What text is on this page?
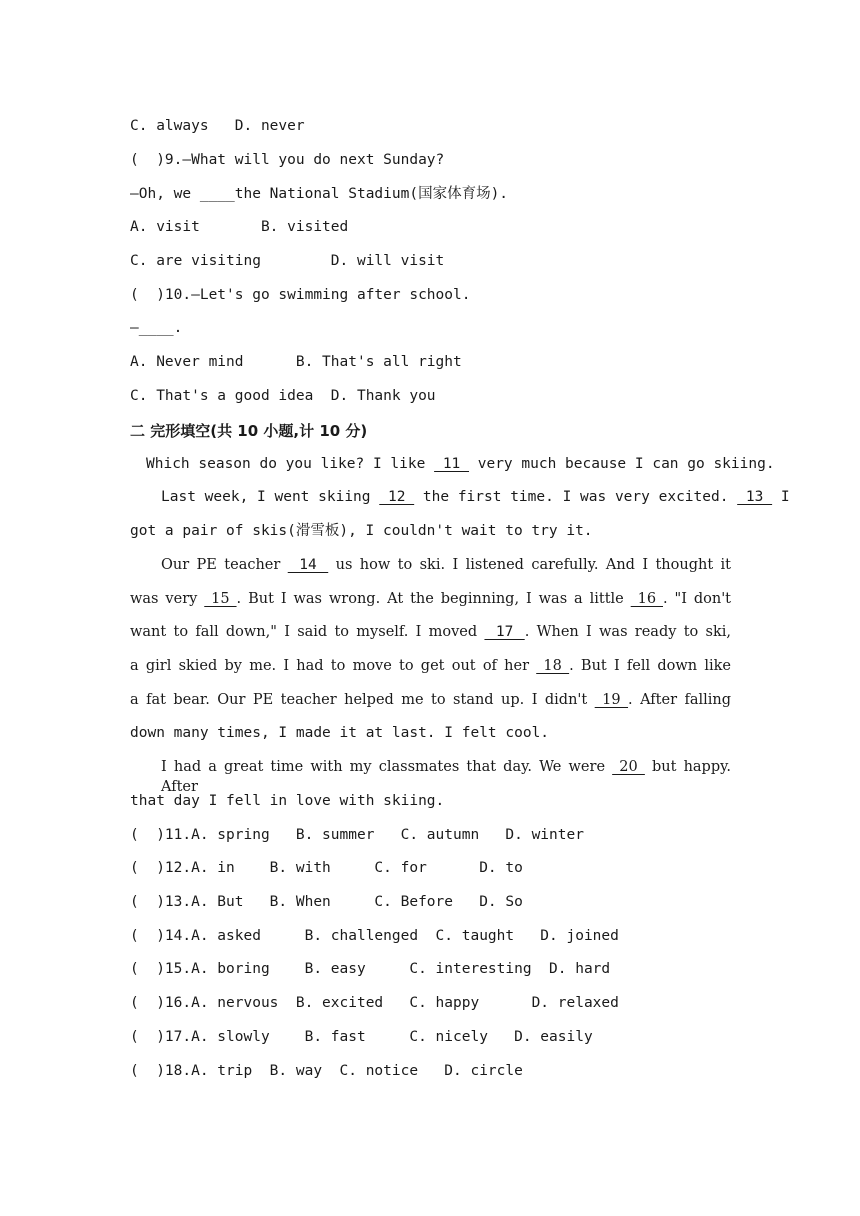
C. always   D. never
(  )9.—What will you do next Sunday?
—Oh, we ____the National Stadium(国家体育场).
A. visit       B. visited
C. are visiting        D. will visit
(  )10.—Let's go swimming after school.
—____.
A. Never mind      B. That's all right
C. That's a good idea  D. Thank you
二 完形填空(共 10 小题,计 10 分)
Which season do you like? I like  11  very much because I can go skiing.
Last week, I went skiing  12  the first time. I was very excited.  13  I
got a pair of skis(滑雪板), I couldn't wait to try it.
Our PE teacher  14  us how to ski. I listened carefully. And I thought it
was very  15 . But I was wrong. At the beginning, I was a little  16 . "I don't
want to fall down," I said to myself. I moved  17 . When I was ready to ski,
a girl skied by me. I had to move to get out of her  18 . But I fell down like
a fat bear. Our PE teacher helped me to stand up. I didn't  19 . After falling
down many times, I made it at last. I felt cool.
I had a great time with my classmates that day. We were  20  but happy. After
that day I fell in love with skiing.
(  )11.A. spring   B. summer   C. autumn   D. winter
(  )12.A. in    B. with     C. for      D. to
(  )13.A. But   B. When     C. Before   D. So
(  )14.A. asked     B. challenged  C. taught   D. joined
(  )15.A. boring    B. easy     C. interesting  D. hard
(  )16.A. nervous  B. excited   C. happy      D. relaxed
(  )17.A. slowly    B. fast     C. nicely   D. easily
(  )18.A. trip  B. way  C. notice   D. circle
